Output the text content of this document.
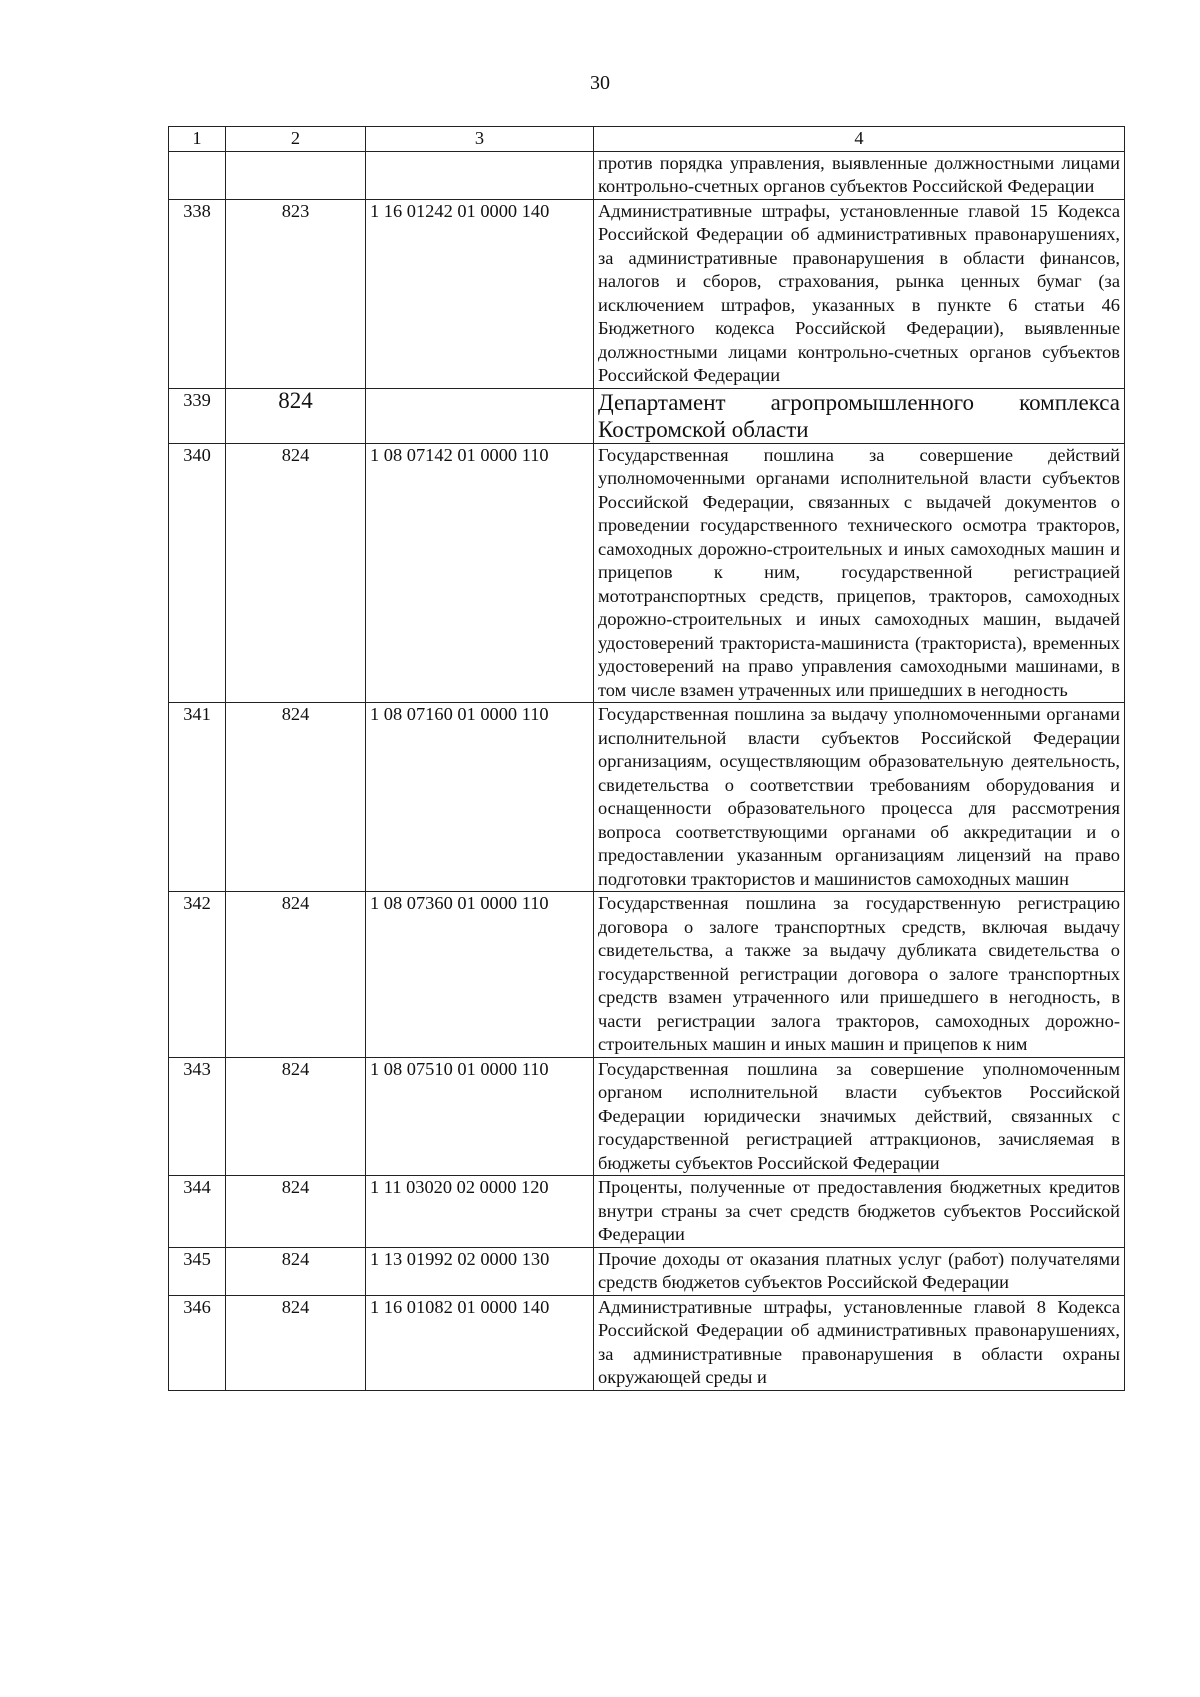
30
1	2	3	4
			против порядка управления, выявленные должностными лицами контрольно-счетных органов субъектов Российской Федерации
338	823	1 16 01242 01 0000 140	Административные штрафы, установленные главой 15 Кодекса Российской Федерации об административных правонарушениях, за административные правонарушения в области финансов, налогов и сборов, страхования, рынка ценных бумаг (за исключением штрафов, указанных в пункте 6 статьи 46 Бюджетного кодекса Российской Федерации), выявленные должностными лицами контрольно-счетных органов субъектов Российской Федерации
339	824		Департамент агропромышленного комплекса Костромской области
340	824	1 08 07142 01 0000 110	Государственная пошлина за совершение действий уполномоченными органами исполнительной власти субъектов Российской Федерации, связанных с выдачей документов о проведении государственного технического осмотра тракторов, самоходных дорожно-строительных и иных самоходных машин и прицепов к ним, государственной регистрацией мототранспортных средств, прицепов, тракторов, самоходных дорожно-строительных и иных самоходных машин, выдачей удостоверений тракториста-машиниста (тракториста), временных удостоверений на право управления самоходными машинами, в том числе взамен утраченных или пришедших в негодность
341	824	1 08 07160 01 0000 110	Государственная пошлина за выдачу уполномоченными органами исполнительной власти субъектов Российской Федерации организациям, осуществляющим образовательную деятельность, свидетельства о соответствии требованиям оборудования и оснащенности образовательного процесса для рассмотрения вопроса соответствующими органами об аккредитации и о предоставлении указанным организациям лицензий на право подготовки трактористов и машинистов самоходных машин
342	824	1 08 07360 01 0000 110	Государственная пошлина за государственную регистрацию договора о залоге транспортных средств, включая выдачу свидетельства, а также за выдачу дубликата свидетельства о государственной регистрации договора о залоге транспортных средств взамен утраченного или пришедшего в негодность, в части регистрации залога тракторов, самоходных дорожно-строительных машин и иных машин и прицепов к ним
343	824	1 08 07510 01 0000 110	Государственная пошлина за совершение уполномоченным органом исполнительной власти субъектов Российской Федерации юридически значимых действий, связанных с государственной регистрацией аттракционов, зачисляемая в бюджеты субъектов Российской Федерации
344	824	1 11 03020 02 0000 120	Проценты, полученные от предоставления бюджетных кредитов внутри страны за счет средств бюджетов субъектов Российской Федерации
345	824	1 13 01992 02 0000 130	Прочие доходы от оказания платных услуг (работ) получателями средств бюджетов субъектов Российской Федерации
346	824	1 16 01082 01 0000 140	Административные штрафы, установленные главой 8 Кодекса Российской Федерации об административных правонарушениях, за административные правонарушения в области охраны окружающей среды и
